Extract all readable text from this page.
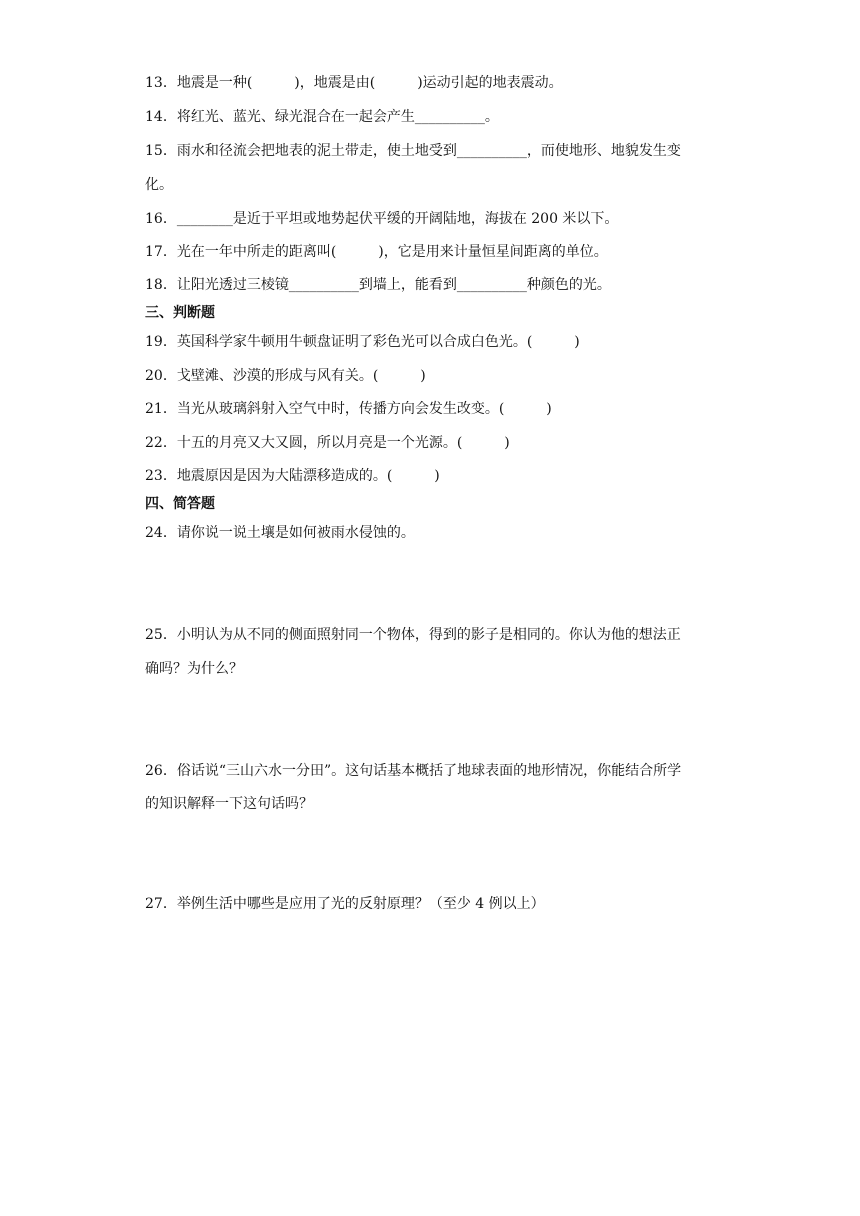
13．地震是一种(　　　)，地震是由(　　　)运动引起的地表震动。
14．将红光、蓝光、绿光混合在一起会产生__________。
15．雨水和径流会把地表的泥土带走，使土地受到__________，而使地形、地貌发生变
化。
16．________是近于平坦或地势起伏平缓的开阔陆地，海拔在 200 米以下。
17．光在一年中所走的距离叫(　　　)，它是用来计量恒星间距离的单位。
18．让阳光透过三棱镜__________到墙上，能看到__________种颜色的光。
三、判断题
19．英国科学家牛顿用牛顿盘证明了彩色光可以合成白色光。(　　　)
20．戈壁滩、沙漠的形成与风有关。(　　　)
21．当光从玻璃斜射入空气中时，传播方向会发生改变。(　　　)
22．十五的月亮又大又圆，所以月亮是一个光源。(　　　)
23．地震原因是因为大陆漂移造成的。(　　　)
四、简答题
24．请你说一说土壤是如何被雨水侵蚀的。
25．小明认为从不同的侧面照射同一个物体，得到的影子是相同的。你认为他的想法正
确吗？为什么？
26．俗话说“三山六水一分田”。这句话基本概括了地球表面的地形情况，你能结合所学
的知识解释一下这句话吗？
27．举例生活中哪些是应用了光的反射原理？（至少 4 例以上）
